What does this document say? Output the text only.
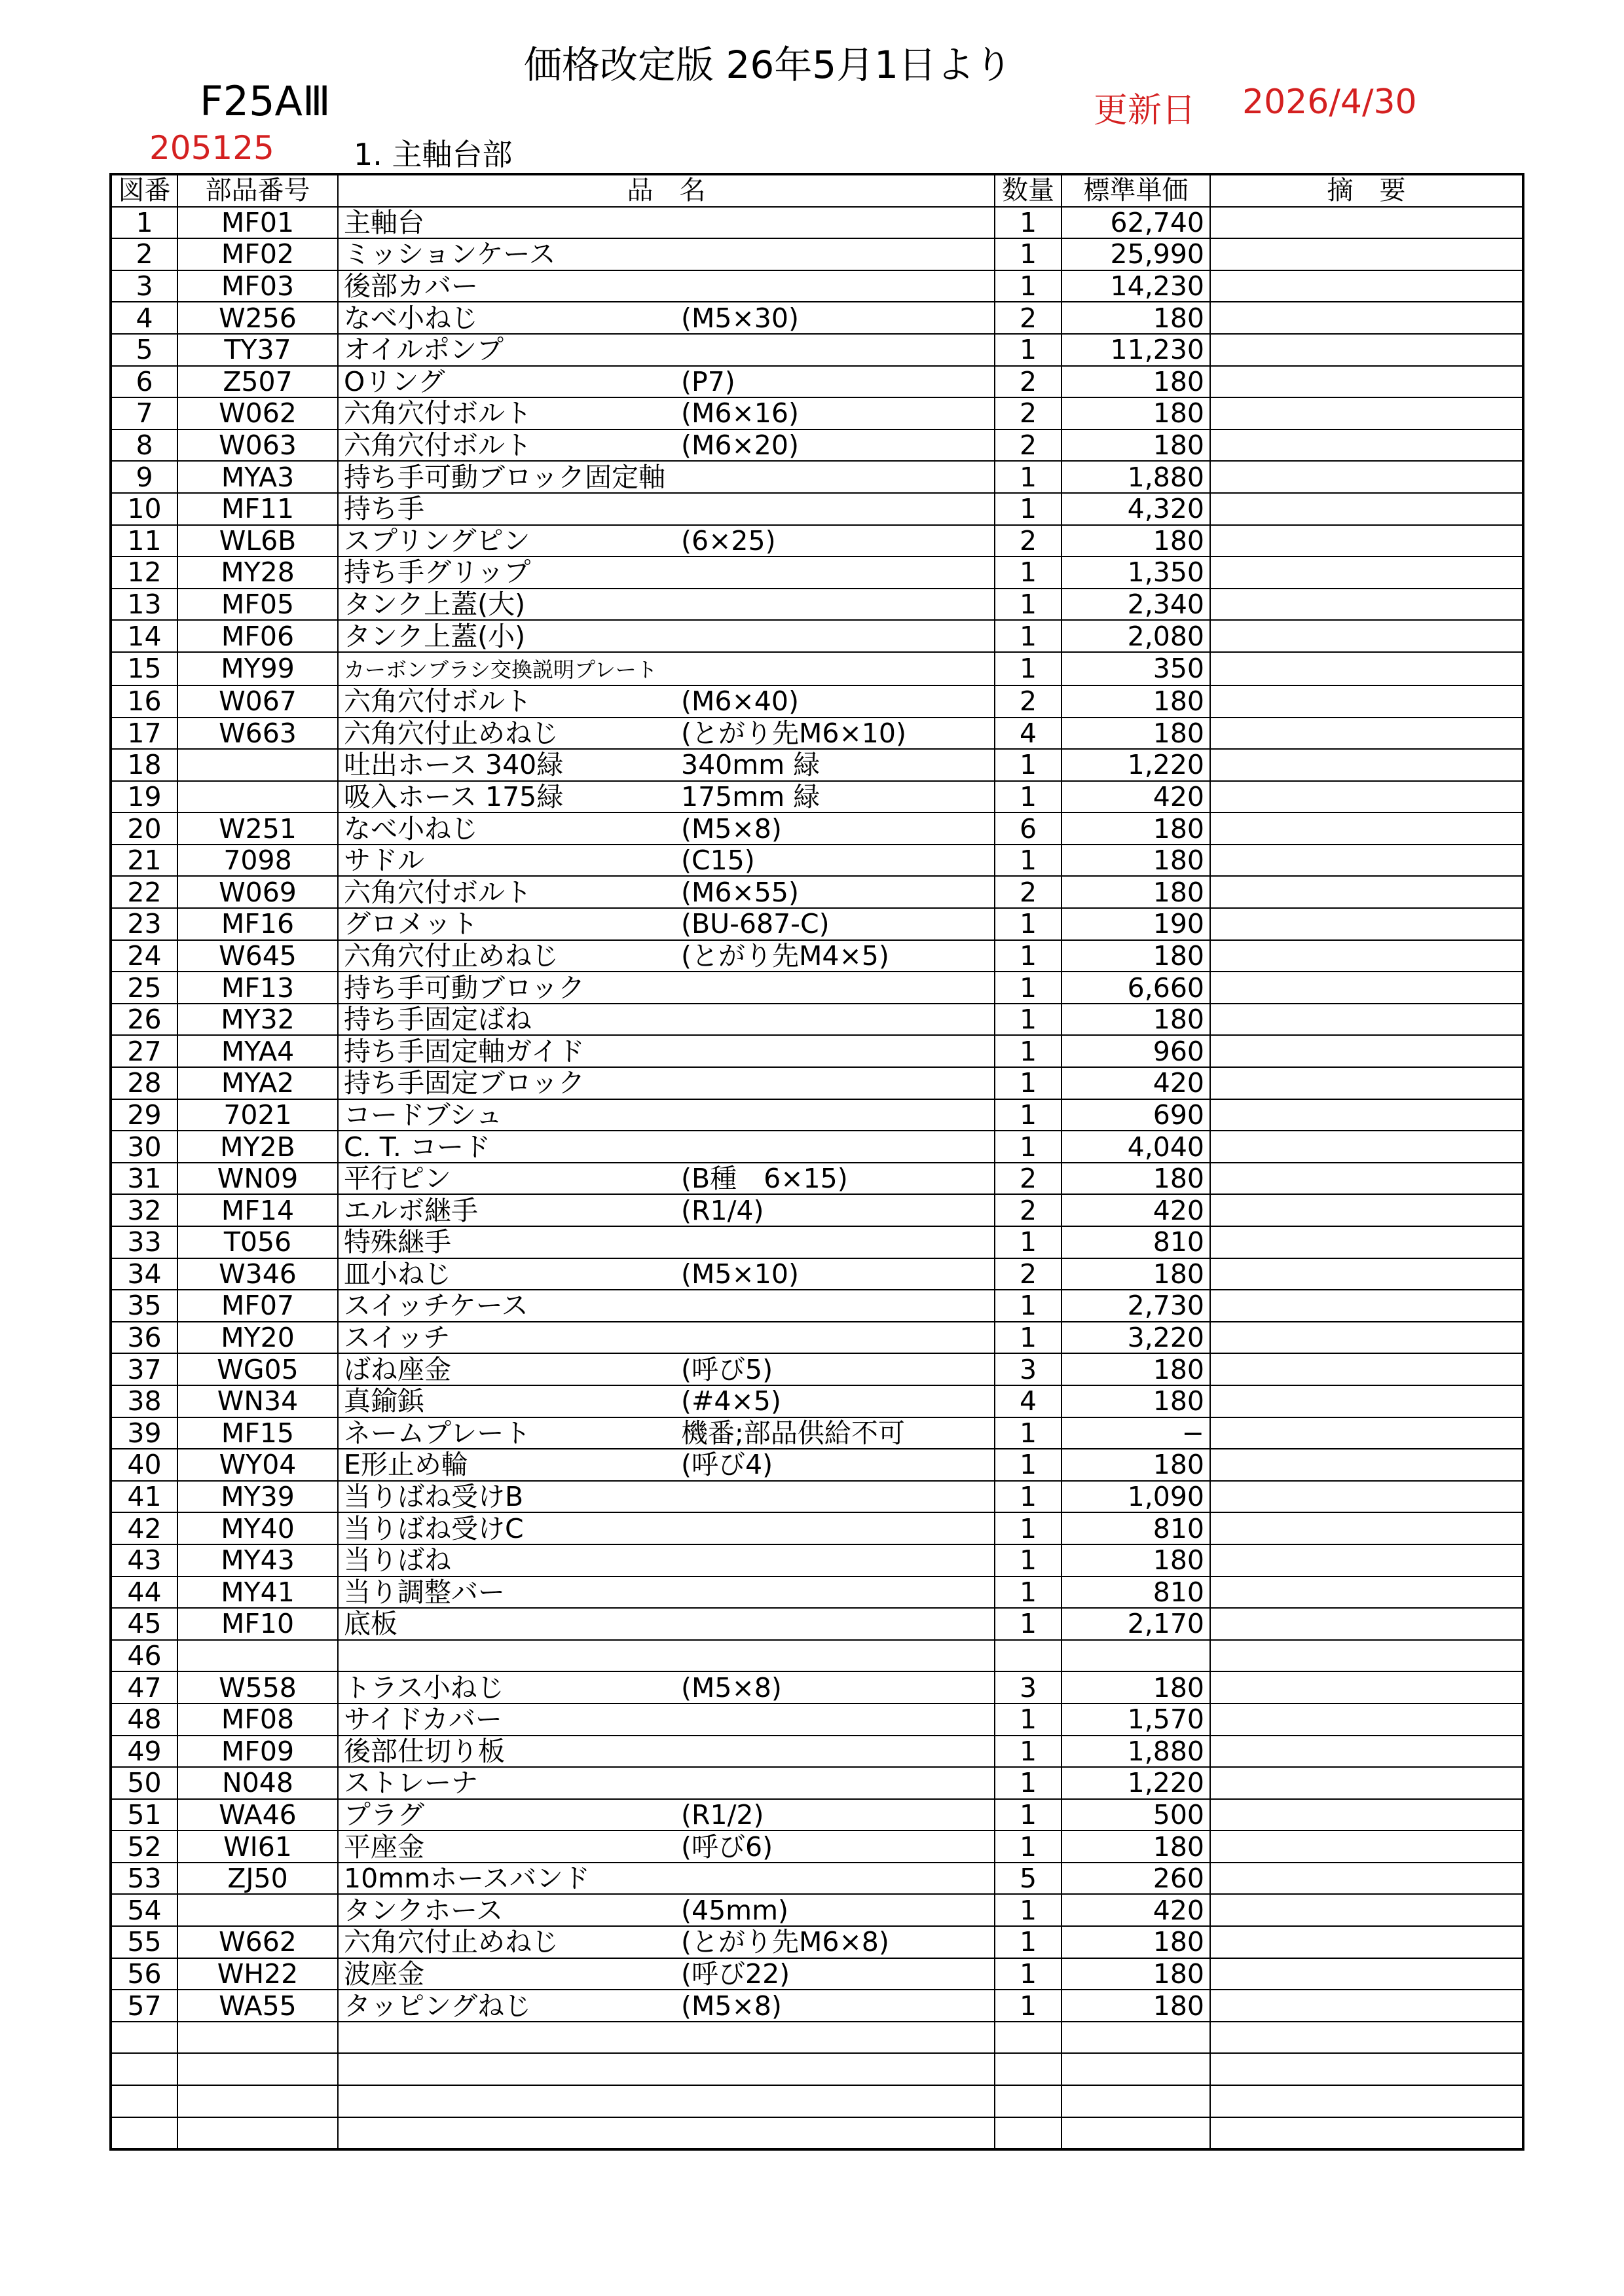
価格改定版 26年5月1日より
F25AⅢ	更新日 2026/4/30
205125	1. 主軸台部
図番	部品番号	品　名	数量	標準単価	摘　要
1	MF01	主軸台	1	62,740	
2	MF02	ミッションケース	1	25,990	
3	MF03	後部カバー	1	14,230	
4	W256	なべ小ねじ (M5×30)	2	180	
5	TY37	オイルポンプ	1	11,230	
6	Z507	Oリング (P7)	2	180	
7	W062	六角穴付ボルト (M6×16)	2	180	
8	W063	六角穴付ボルト (M6×20)	2	180	
9	MYA3	持ち手可動ブロック固定軸	1	1,880	
10	MF11	持ち手	1	4,320	
11	WL6B	スプリングピン (6×25)	2	180	
12	MY28	持ち手グリップ	1	1,350	
13	MF05	タンク上蓋(大)	1	2,340	
14	MF06	タンク上蓋(小)	1	2,080	
15	MY99	カーボンブラシ交換説明プレート	1	350	
16	W067	六角穴付ボルト (M6×40)	2	180	
17	W663	六角穴付止めねじ (とがり先M6×10)	4	180	
18		吐出ホース 340緑 340mm 緑	1	1,220	
19		吸入ホース 175緑 175mm 緑	1	420	
20	W251	なべ小ねじ (M5×8)	6	180	
21	7098	サドル (C15)	1	180	
22	W069	六角穴付ボルト (M6×55)	2	180	
23	MF16	グロメット (BU-687-C)	1	190	
24	W645	六角穴付止めねじ (とがり先M4×5)	1	180	
25	MF13	持ち手可動ブロック	1	6,660	
26	MY32	持ち手固定ばね	1	180	
27	MYA4	持ち手固定軸ガイド	1	960	
28	MYA2	持ち手固定ブロック	1	420	
29	7021	コードブシュ	1	690	
30	MY2B	C. T. コード	1	4,040	
31	WN09	平行ピン (B種　6×15)	2	180	
32	MF14	エルボ継手 (R1/4)	2	420	
33	T056	特殊継手	1	810	
34	W346	皿小ねじ (M5×10)	2	180	
35	MF07	スイッチケース	1	2,730	
36	MY20	スイッチ	1	3,220	
37	WG05	ばね座金 (呼び5)	3	180	
38	WN34	真鍮鋲 (#4×5)	4	180	
39	MF15	ネームプレート 機番;部品供給不可	1	−	
40	WY04	E形止め輪 (呼び4)	1	180	
41	MY39	当りばね受けB	1	1,090	
42	MY40	当りばね受けC	1	810	
43	MY43	当りばね	1	180	
44	MY41	当り調整バー	1	810	
45	MF10	底板	1	2,170	
46					
47	W558	トラス小ねじ (M5×8)	3	180	
48	MF08	サイドカバー	1	1,570	
49	MF09	後部仕切り板	1	1,880	
50	N048	ストレーナ	1	1,220	
51	WA46	プラグ (R1/2)	1	500	
52	WI61	平座金 (呼び6)	1	180	
53	ZJ50	10mmホースバンド	5	260	
54		タンクホース (45mm)	1	420	
55	W662	六角穴付止めねじ (とがり先M6×8)	1	180	
56	WH22	波座金 (呼び22)	1	180	
57	WA55	タッピングねじ (M5×8)	1	180	
